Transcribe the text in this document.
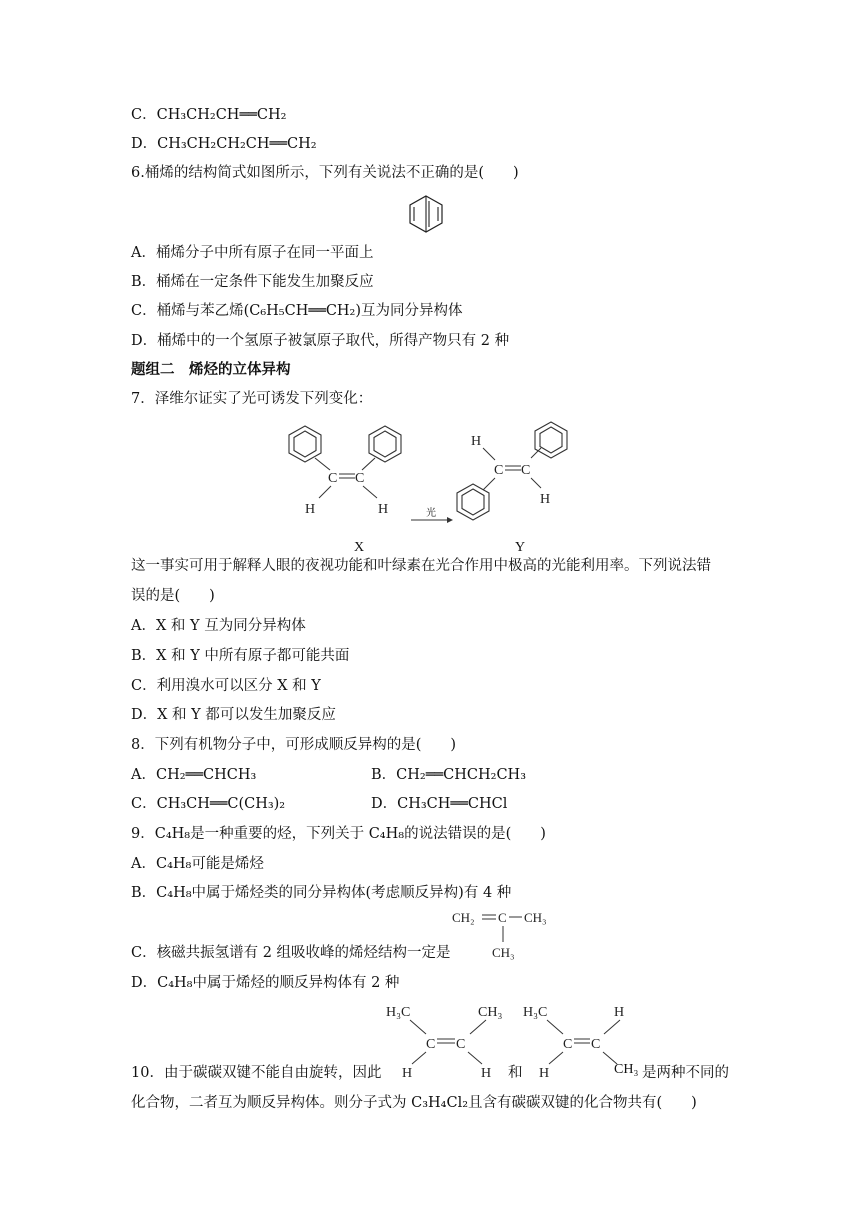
C．CH₃CH₂CH══CH₂
D．CH₃CH₂CH₂CH══CH₂
6.桶烯的结构简式如图所示，下列有关说法不正确的是(　　)
A．桶烯分子中所有原子在同一平面上
B．桶烯在一定条件下能发生加聚反应
C．桶烯与苯乙烯(C₆H₅CH══CH₂)互为同分异构体
D．桶烯中的一个氢原子被氯原子取代，所得产物只有 2 种
题组二　烯烃的立体异构
7．泽维尔证实了光可诱发下列变化：
C C
H	H	光
H
C C
H
X	Y
这一事实可用于解释人眼的夜视功能和叶绿素在光合作用中极高的光能利用率。下列说法错
误的是(　　)
A．X 和 Y 互为同分异构体
B．X 和 Y 中所有原子都可能共面
C．利用溴水可以区分 X 和 Y
D．X 和 Y 都可以发生加聚反应
8．下列有机物分子中，可形成顺反异构的是(　　)
A．CH₂══CHCH₃	B．CH₂══CHCH₂CH₃
C．CH₃CH══C(CH₃)₂	D．CH₃CH══CHCl
9．C₄H₈是一种重要的烃，下列关于 C₄H₈的说法错误的是(　　)
A．C₄H₈可能是烯烃
B．C₄H₈中属于烯烃类的同分异构体(考虑顺反异构)有 4 种
CH₂ C CH₃
CH₃
C．核磁共振氢谱有 2 组吸收峰的烯烃结构一定是
D．C₄H₈中属于烯烃的顺反异构体有 2 种
H₃C	CH₃
C C
H	H
H₃C	H
C C
H	CH₃
10．由于碳碳双键不能自由旋转，因此	和	是两种不同的
化合物，二者互为顺反异构体。则分子式为 C₃H₄Cl₂且含有碳碳双键的化合物共有(　　)
